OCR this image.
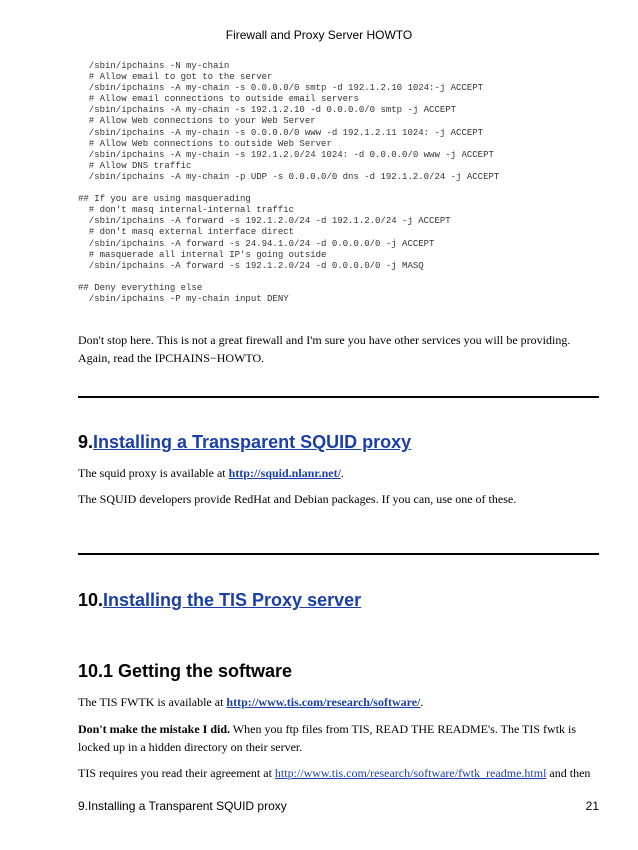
Firewall and Proxy Server HOWTO
/sbin/ipchains -N my-chain
# Allow email to got to the server
/sbin/ipchains -A my-chain -s 0.0.0.0/0 smtp -d 192.1.2.10 1024:-j ACCEPT
# Allow email connections to outside email servers
/sbin/ipchains -A my-chain -s 192.1.2.10 -d 0.0.0.0/0 smtp -j ACCEPT
# Allow Web connections to your Web Server
/sbin/ipchains -A my-chain -s 0.0.0.0/0 www -d 192.1.2.11 1024: -j ACCEPT
# Allow Web connections to outside Web Server
/sbin/ipchains -A my-chain -s 192.1.2.0/24 1024: -d 0.0.0.0/0 www -j ACCEPT
# Allow DNS traffic
/sbin/ipchains -A my-chain -p UDP -s 0.0.0.0/0 dns -d 192.1.2.0/24 -j ACCEPT

## If you are using masquerading
# don't masq internal-internal traffic
/sbin/ipchains -A forward -s 192.1.2.0/24 -d 192.1.2.0/24 -j ACCEPT
# don't masq external interface direct
/sbin/ipchains -A forward -s 24.94.1.0/24 -d 0.0.0.0/0 -j ACCEPT
# masquerade all internal IP's going outside
/sbin/ipchains -A forward -s 192.1.2.0/24 -d 0.0.0.0/0 -j MASQ

## Deny everything else
/sbin/ipchains -P my-chain input DENY

Don't stop here. This is not a great firewall and I'm sure you have other services you will be providing. Again, read the IPCHAINS−HOWTO.

9.Installing a Transparent SQUID proxy

The squid proxy is available at http://squid.nlanr.net/.

The SQUID developers provide RedHat and Debian packages. If you can, use one of these.

10.Installing the TIS Proxy server
10.1 Getting the software

The TIS FWTK is available at http://www.tis.com/research/software/.

Don't make the mistake I did. When you ftp files from TIS, READ THE README's. The TIS fwtk is locked up in a hidden directory on their server.

TIS requires you read their agreement at http://www.tis.com/research/software/fwtk_readme.html and then

9.Installing a Transparent SQUID proxy	21
